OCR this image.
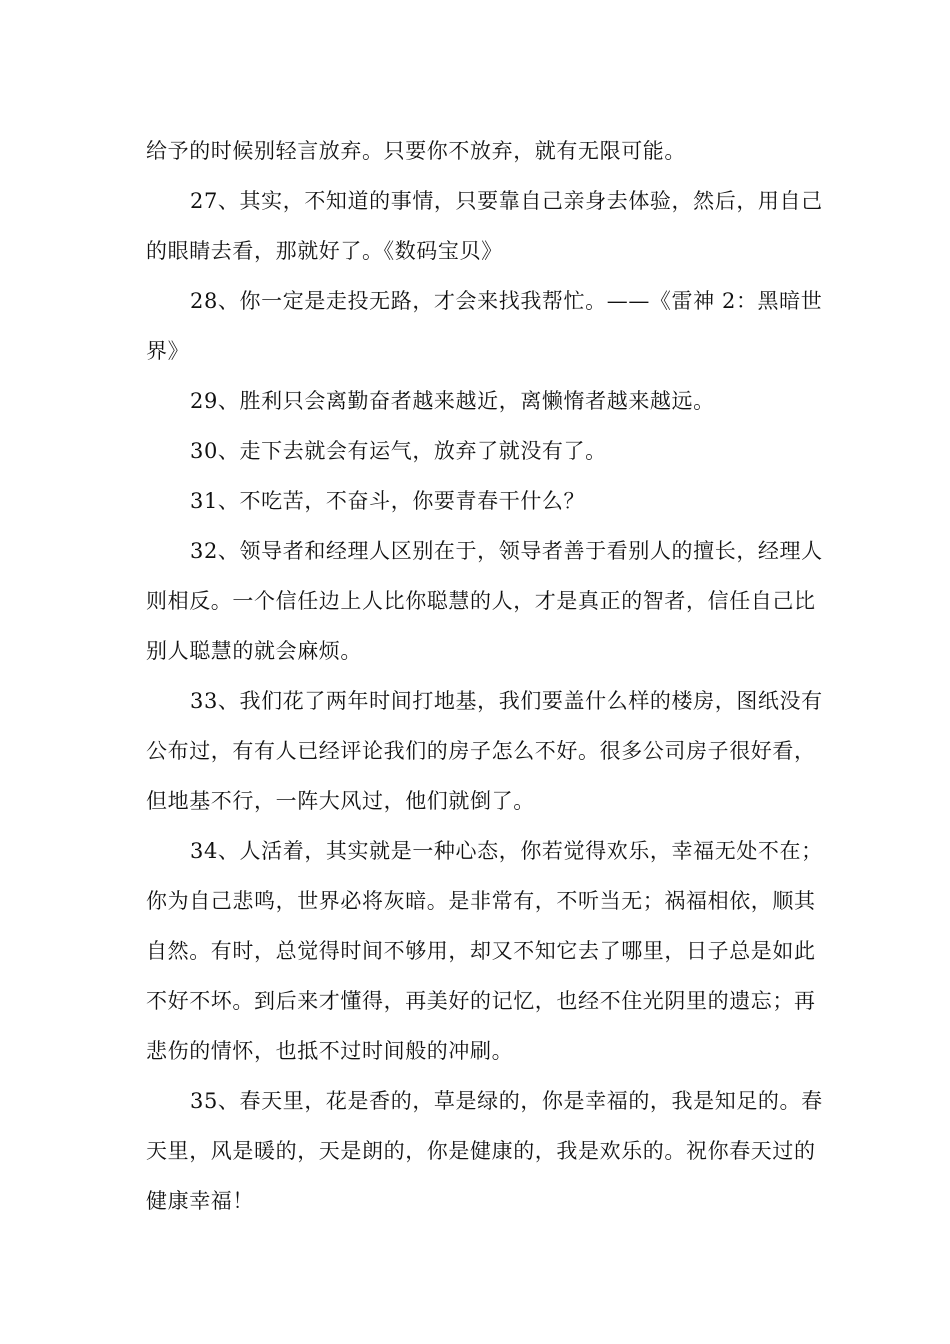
给予的时候别轻言放弃。只要你不放弃，就有无限可能。

27、其实，不知道的事情，只要靠自己亲身去体验，然后，用自己的眼睛去看，那就好了。《数码宝贝》

28、你一定是走投无路，才会来找我帮忙。——《雷神 2：黑暗世界》

29、胜利只会离勤奋者越来越近，离懒惰者越来越远。

30、走下去就会有运气，放弃了就没有了。

31、不吃苦，不奋斗，你要青春干什么？

32、领导者和经理人区别在于，领导者善于看别人的擅长，经理人则相反。一个信任边上人比你聪慧的人，才是真正的智者，信任自己比别人聪慧的就会麻烦。

33、我们花了两年时间打地基，我们要盖什么样的楼房，图纸没有公布过，有有人已经评论我们的房子怎么不好。很多公司房子很好看，但地基不行，一阵大风过，他们就倒了。

34、人活着，其实就是一种心态，你若觉得欢乐，幸福无处不在；你为自己悲鸣，世界必将灰暗。是非常有，不听当无；祸福相依，顺其自然。有时，总觉得时间不够用，却又不知它去了哪里，日子总是如此不好不坏。到后来才懂得，再美好的记忆，也经不住光阴里的遗忘；再悲伤的情怀，也抵不过时间般的冲刷。

35、春天里，花是香的，草是绿的，你是幸福的，我是知足的。春天里，风是暖的，天是朗的，你是健康的，我是欢乐的。祝你春天过的健康幸福！
